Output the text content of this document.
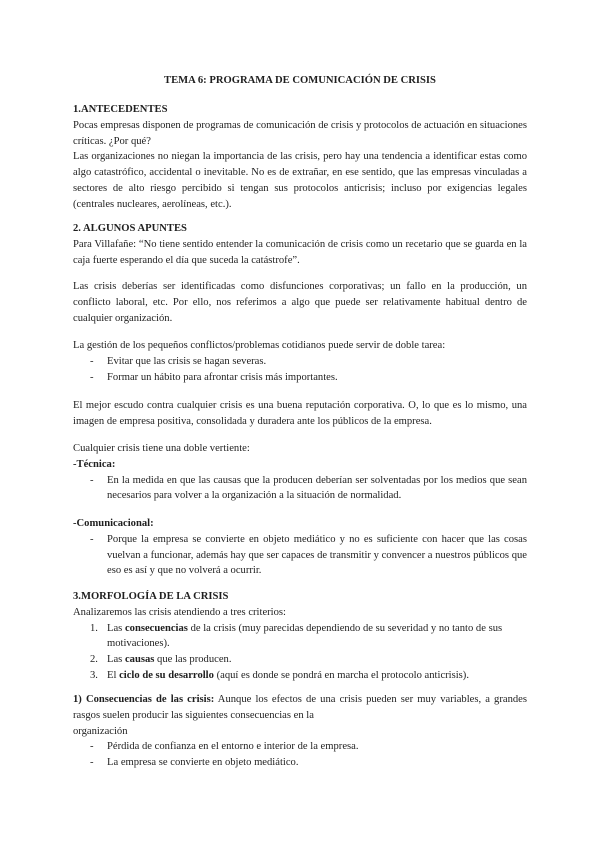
TEMA 6: PROGRAMA DE COMUNICACIÓN DE CRISIS
1.ANTECEDENTES

Pocas empresas disponen de programas de comunicación de crisis y protocolos de actuación en situaciones críticas. ¿Por qué?

Las organizaciones no niegan la importancia de las crisis, pero hay una tendencia a identificar estas como algo catastrófico, accidental o inevitable. No es de extrañar, en ese sentido, que las empresas vinculadas a sectores de alto riesgo percibido si tengan sus protocolos anticrisis; incluso por exigencias legales (centrales nucleares, aerolíneas, etc.).

2. ALGUNOS APUNTES

Para Villafañe: “No tiene sentido entender la comunicación de crisis como un recetario que se guarda en la caja fuerte esperando el día que suceda la catástrofe”.

Las crisis deberías ser identificadas como disfunciones corporativas; un fallo en la producción, un conflicto laboral, etc. Por ello, nos referimos a algo que puede ser relativamente habitual dentro de cualquier organización.

La gestión de los pequeños conflictos/problemas cotidianos puede servir de doble tarea:

- Evitar que las crisis se hagan severas.
- Formar un hábito para afrontar crisis más importantes.

El mejor escudo contra cualquier crisis es una buena reputación corporativa. O, lo que es lo mismo, una imagen de empresa positiva, consolidada y duradera ante los públicos de la empresa.

Cualquier crisis tiene una doble vertiente:

-Técnica:
- En la medida en que las causas que la producen deberían ser solventadas por los medios que sean necesarios para volver a la organización a la situación de normalidad.
-Comunicacional:
- Porque la empresa se convierte en objeto mediático y no es suficiente con hacer que las cosas vuelvan a funcionar, además hay que ser capaces de transmitir y convencer a nuestros públicos que eso es así y que no volverá a ocurrir.
3.MORFOLOGÍA DE LA CRISIS

Analizaremos las crisis atendiendo a tres criterios:

1. Las consecuencias de la crisis (muy parecidas dependiendo de su severidad y no tanto de sus motivaciones).
2. Las causas que las producen.
3. El ciclo de su desarrollo (aquí es donde se pondrá en marcha el protocolo anticrisis).

1) Consecuencias de las crisis: Aunque los efectos de una crisis pueden ser muy variables, a grandes rasgos suelen producir las siguientes consecuencias en la

organización

- Pérdida de confianza en el entorno e interior de la empresa.
- La empresa se convierte en objeto mediático.
